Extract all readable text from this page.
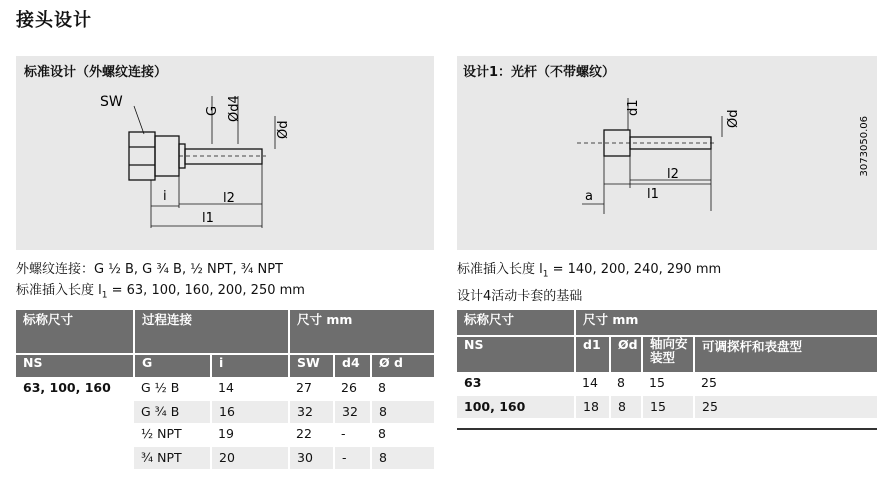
接头设计
标准设计（外螺纹连接）
SW
G Ød4
Ød
i	l2
l1
外螺纹连接：G ½ B, G ¾ B, ½ NPT, ¾ NPT
标准插入长度 $l_1 = 63$, 100, 160, 200, 250 mm
标称尺寸	过程连接		尺寸 mm		
NS	G	i	SW	d4	Ø d
63, 100, 160	G ½ B	14	27	26	8
	G ¾ B	16	32	32	8
	½ NPT	19	22	-	8
	¾ NPT	20	30	-	8
设计1：光杆（不带螺纹）
d1
Ød
l2
l1
a
3073050.06
标准插入长度 $l_1 = 140$, 200, 240, 290 mm
设计4活动卡套的基础
标称尺寸	尺寸 mm			
NS	d1	Ød	轴向安装型	可调探杆和表盘型
63	14	8	15	25
100, 160	18	8	15	25
